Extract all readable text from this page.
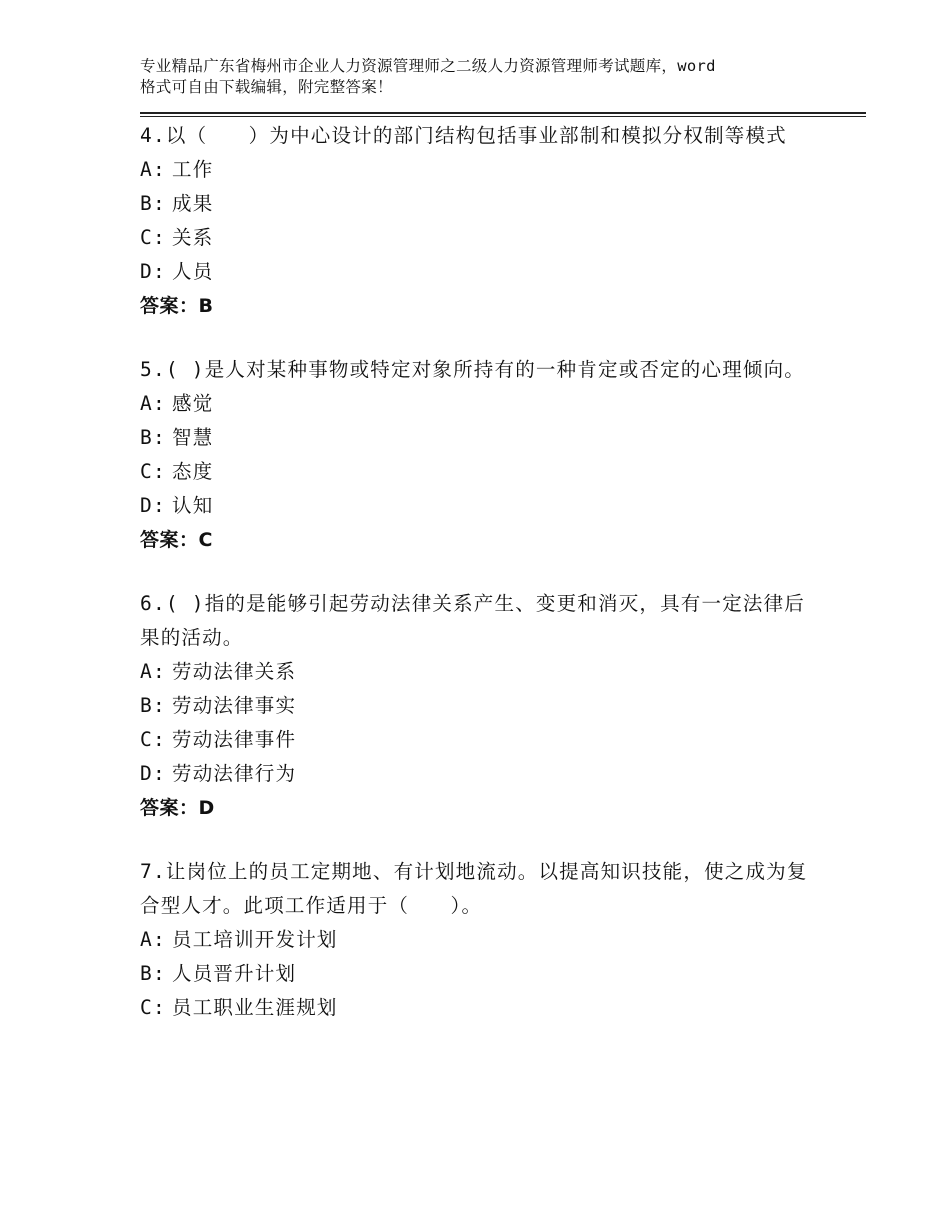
专业精品广东省梅州市企业人力资源管理师之二级人力资源管理师考试题库，word
格式可自由下载编辑，附完整答案！
4.以（　　）为中心设计的部门结构包括事业部制和模拟分权制等模式
A: 工作
B: 成果
C: 关系
D: 人员
答案：B
5.( )是人对某种事物或特定对象所持有的一种肯定或否定的心理倾向。
A: 感觉
B: 智慧
C: 态度
D: 认知
答案：C
6.( )指的是能够引起劳动法律关系产生、变更和消灭，具有一定法律后果的活动。
A: 劳动法律关系
B: 劳动法律事实
C: 劳动法律事件
D: 劳动法律行为
答案：D
7.让岗位上的员工定期地、有计划地流动。以提高知识技能，使之成为复合型人才。此项工作适用于（　　）。
A: 员工培训开发计划
B: 人员晋升计划
C: 员工职业生涯规划
